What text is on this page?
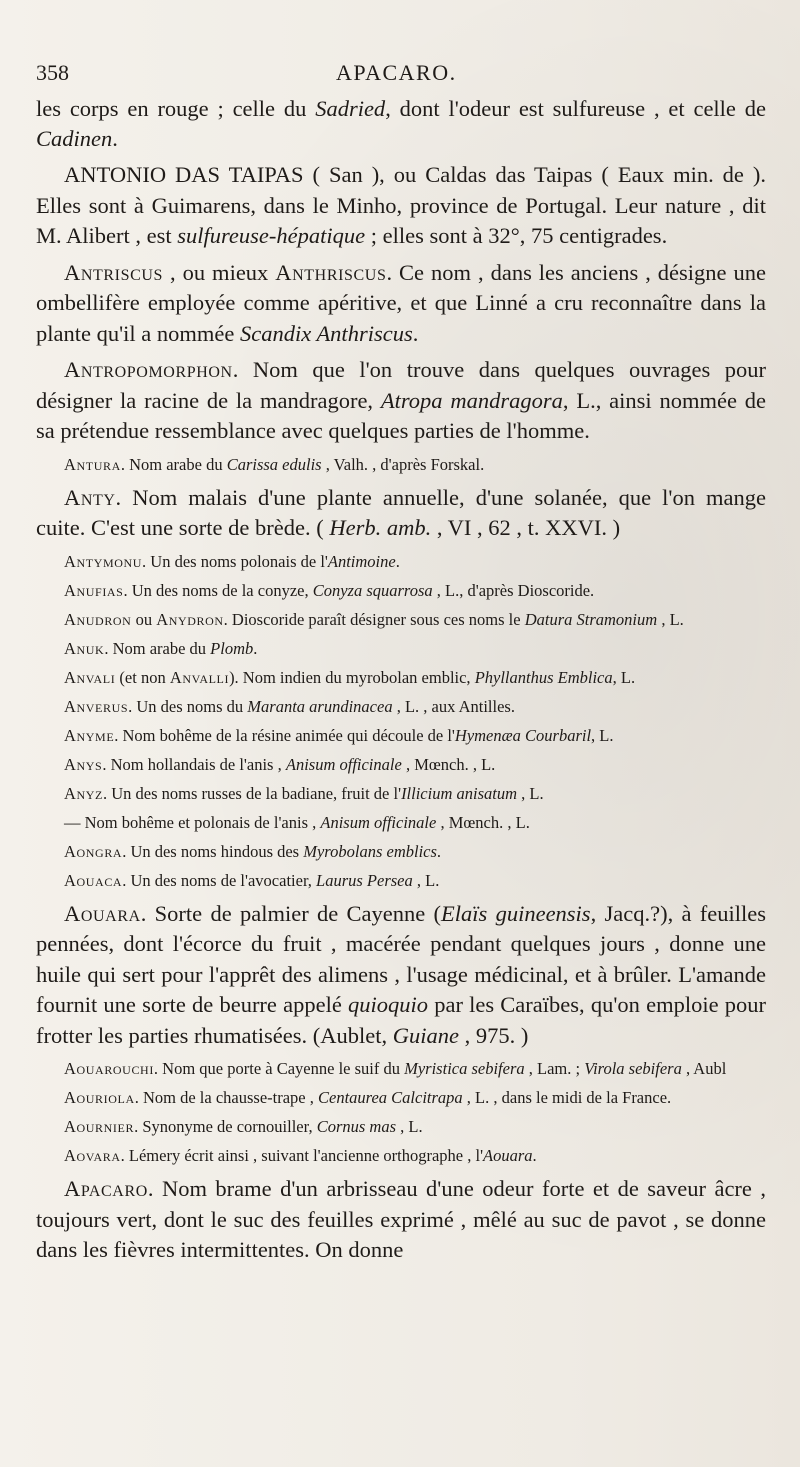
358	APACARO.

les corps en rouge ; celle du Sadried, dont l'odeur est sulfureuse , et celle de Cadinen.

ANTONIO DAS TAIPAS ( San ), ou Caldas das Taipas ( Eaux min. de ). Elles sont à Guimarens, dans le Minho, province de Portugal. Leur nature , dit M. Alibert , est sulfureuse-hépatique ; elles sont à 32°, 75 centigrades.

Antriscus , ou mieux Anthriscus. Ce nom , dans les anciens , désigne une ombellifère employée comme apéritive, et que Linné a cru reconnaître dans la plante qu'il a nommée Scandix Anthriscus.

Antropomorphon. Nom que l'on trouve dans quelques ouvrages pour désigner la racine de la mandragore, Atropa mandragora, L., ainsi nommée de sa prétendue ressemblance avec quelques parties de l'homme.

Antura. Nom arabe du Carissa edulis , Valh. , d'après Forskal.

Anty. Nom malais d'une plante annuelle, d'une solanée, que l'on mange cuite. C'est une sorte de brède. ( Herb. amb. , VI , 62 , t. XXVI. )

Antymonu. Un des noms polonais de l'Antimoine.

Anufias. Un des noms de la conyze, Conyza squarrosa , L., d'après Dioscoride.

Anudron ou Anydron. Dioscoride paraît désigner sous ces noms le Datura Stramonium , L.

Anuk. Nom arabe du Plomb.

Anvali (et non Anvalli). Nom indien du myrobolan emblic, Phyllanthus Emblica, L.

Anverus. Un des noms du Maranta arundinacea , L. , aux Antilles.

Anyme. Nom bohême de la résine animée qui découle de l'Hymenæa Courbaril, L.

Anys. Nom hollandais de l'anis , Anisum officinale , Mœnch. , L.

Anyz. Un des noms russes de la badiane, fruit de l'Illicium anisatum , L.

— Nom bohême et polonais de l'anis , Anisum officinale , Mœnch. , L.

Aongra. Un des noms hindous des Myrobolans emblics.

Aouaca. Un des noms de l'avocatier, Laurus Persea , L.

Aouara. Sorte de palmier de Cayenne (Elaïs guineensis, Jacq.?), à feuilles pennées, dont l'écorce du fruit , macérée pendant quelques jours , donne une huile qui sert pour l'apprêt des alimens , l'usage médicinal, et à brûler. L'amande fournit une sorte de beurre appelé quioquio par les Caraïbes, qu'on emploie pour frotter les parties rhumatisées. (Aublet, Guiane , 975. )

Aouarouchi. Nom que porte à Cayenne le suif du Myristica sebifera , Lam. ; Virola sebifera , Aubl

Aouriola. Nom de la chausse-trape , Centaurea Calcitrapa , L. , dans le midi de la France.

Aournier. Synonyme de cornouiller, Cornus mas , L.

Aovara. Lémery écrit ainsi , suivant l'ancienne orthographe , l'Aouara.

Apacaro. Nom brame d'un arbrisseau d'une odeur forte et de saveur âcre , toujours vert, dont le suc des feuilles exprimé , mêlé au suc de pavot , se donne dans les fièvres intermittentes. On donne
